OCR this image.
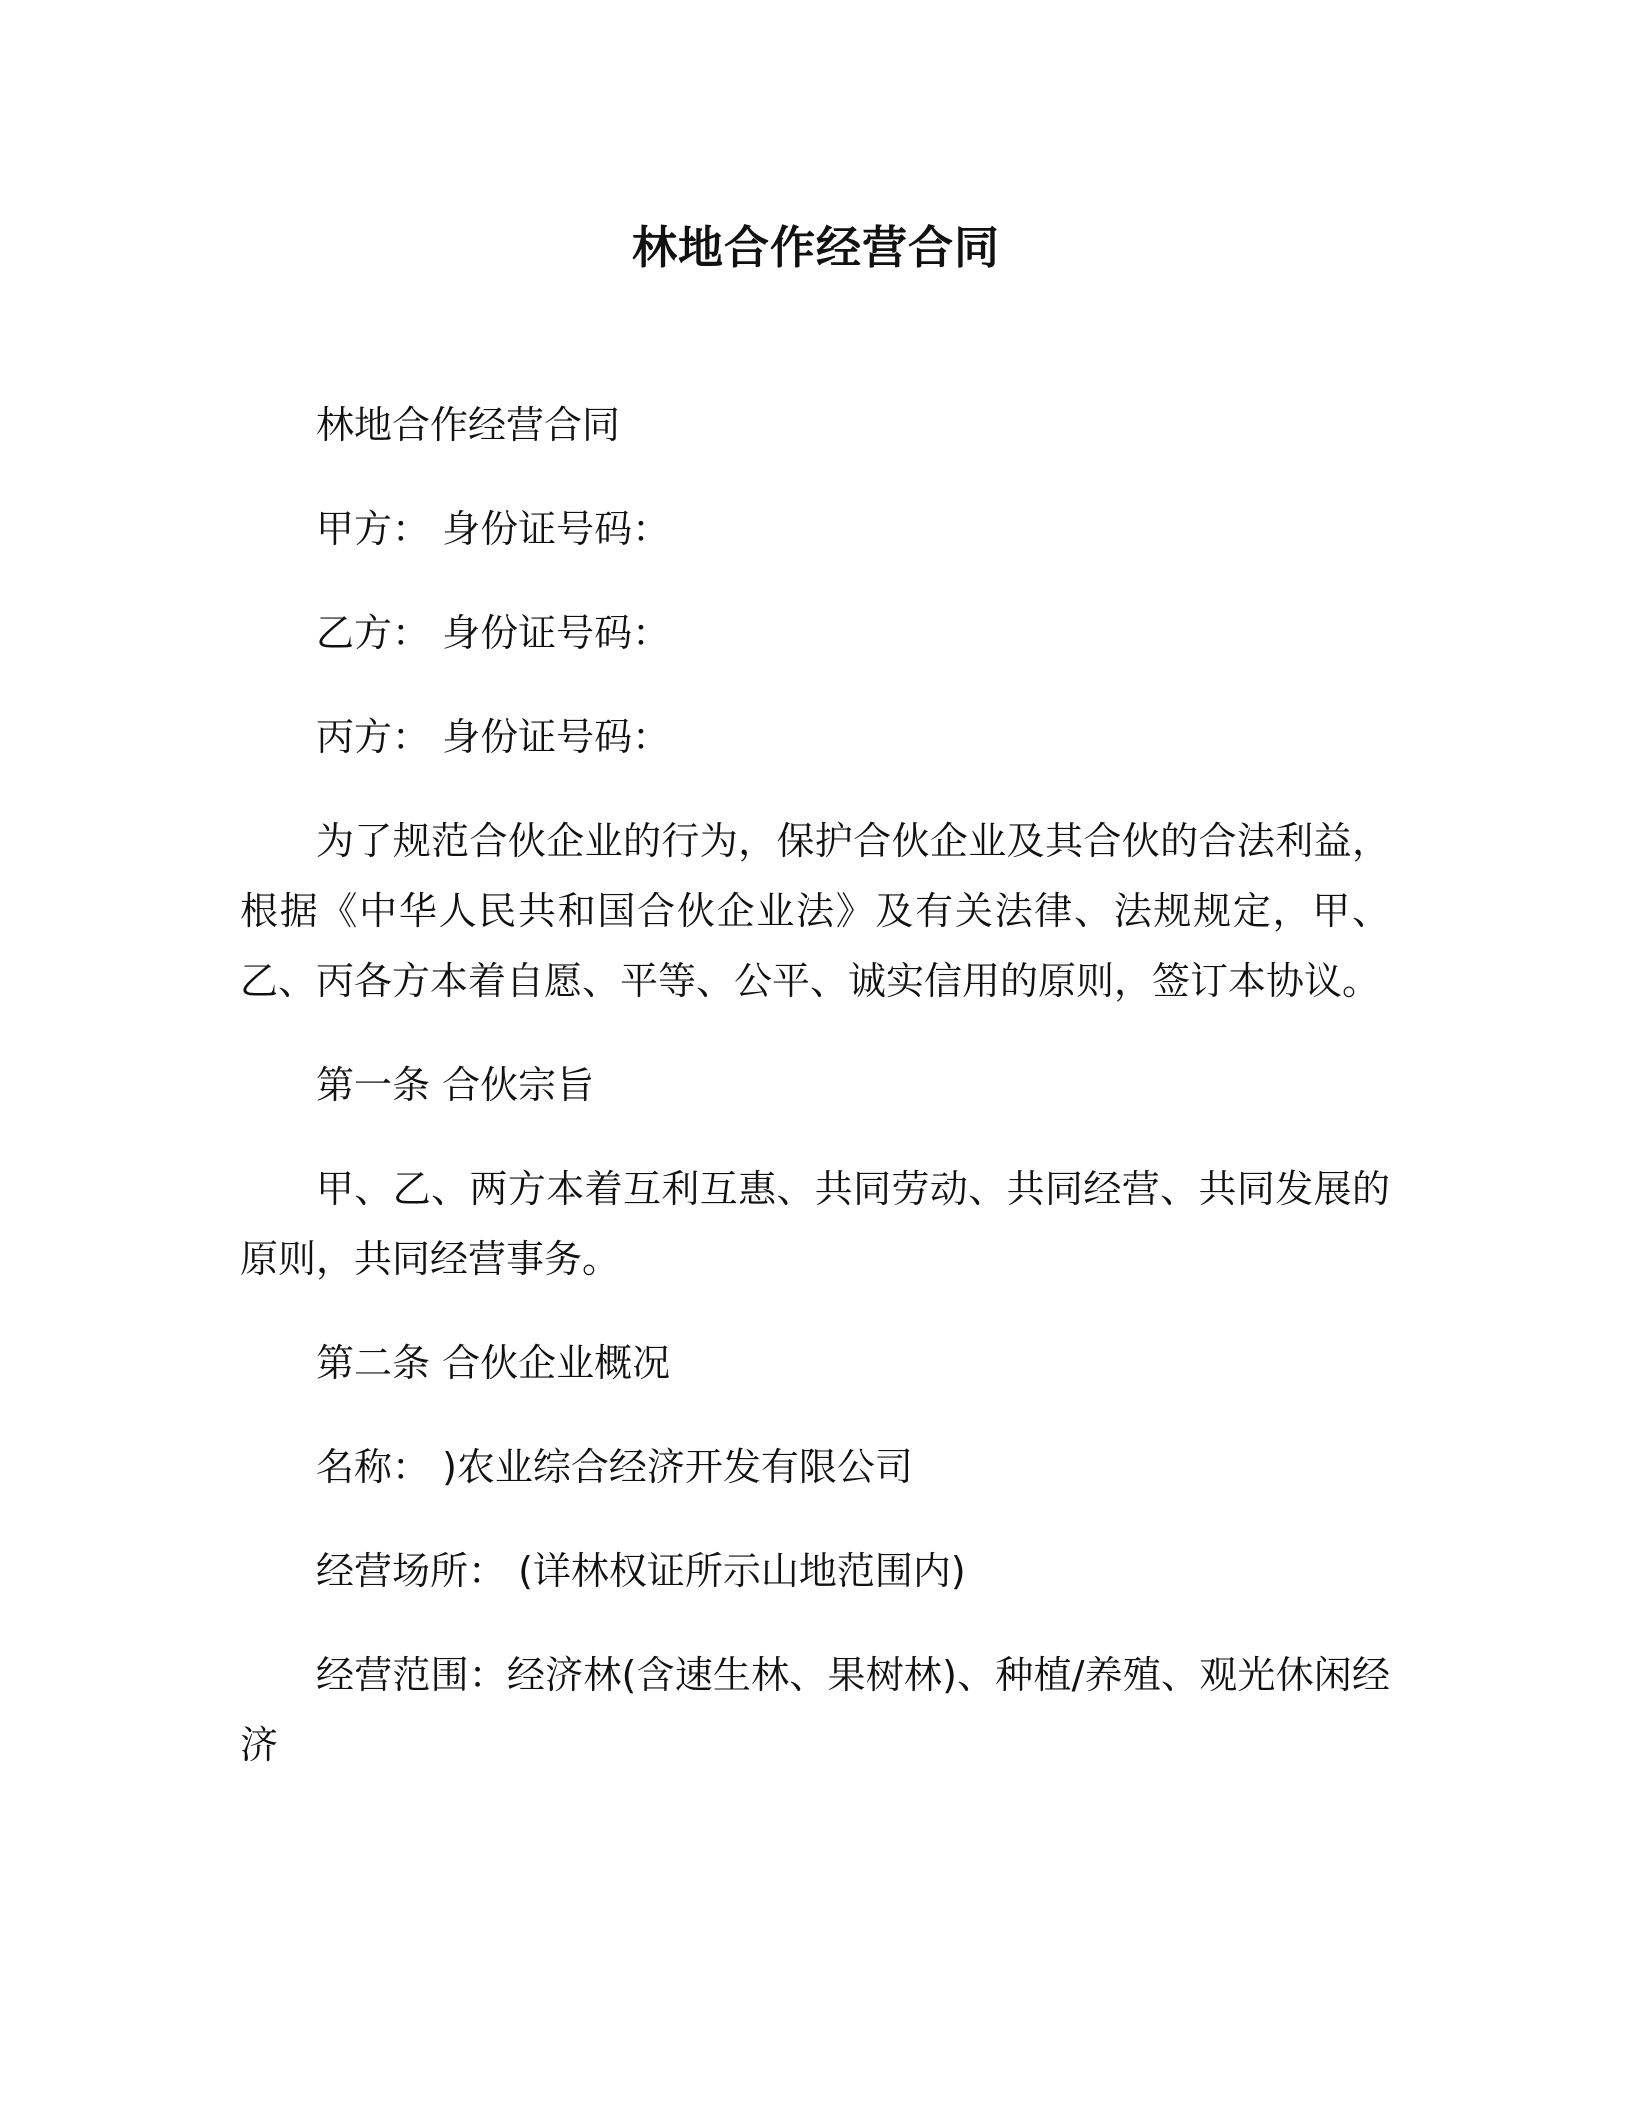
林地合作经营合同

林地合作经营合同

甲方： 身份证号码：

乙方： 身份证号码：

丙方： 身份证号码：

为了规范合伙企业的行为，保护合伙企业及其合伙的合法利益，根据《中华人民共和国合伙企业法》及有关法律、法规规定，甲、乙、丙各方本着自愿、平等、公平、诚实信用的原则，签订本协议。

第一条 合伙宗旨

甲、乙、两方本着互利互惠、共同劳动、共同经营、共同发展的原则，共同经营事务。

第二条 合伙企业概况

名称： )农业综合经济开发有限公司

经营场所： (详林权证所示山地范围内)

经营范围：经济林(含速生林、果树林)、种植/养殖、观光休闲经济
